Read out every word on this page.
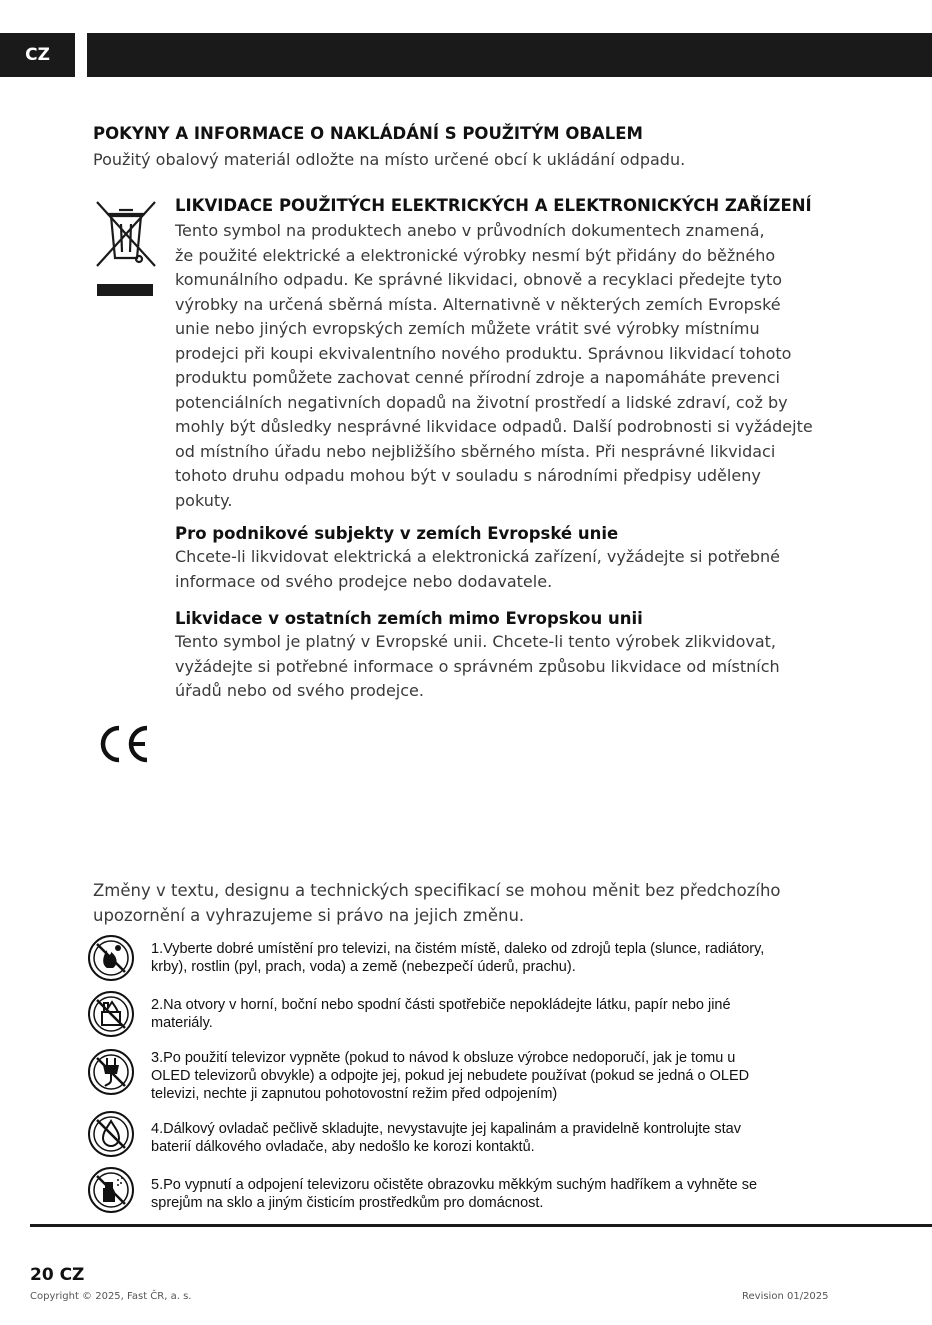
CZ
POKYNY A INFORMACE O NAKLÁDÁNÍ S POUŽITÝM OBALEM

Použitý obalový materiál odložte na místo určené obcí k ukládání odpadu.

LIKVIDACE POUŽITÝCH ELEKTRICKÝCH A ELEKTRONICKÝCH ZAŘÍZENÍ

Tento symbol na produktech anebo v průvodních dokumentech znamená,

že použité elektrické a elektronické výrobky nesmí být přidány do běžného

komunálního odpadu. Ke správné likvidaci, obnově a recyklaci předejte tyto

výrobky na určená sběrná místa. Alternativně v některých zemích Evropské

unie nebo jiných evropských zemích můžete vrátit své výrobky místnímu

prodejci při koupi ekvivalentního nového produktu. Správnou likvidací tohoto

produktu pomůžete zachovat cenné přírodní zdroje a napomáháte prevenci

potenciálních negativních dopadů na životní prostředí a lidské zdraví, což by

mohly být důsledky nesprávné likvidace odpadů. Další podrobnosti si vyžádejte

od místního úřadu nebo nejbližšího sběrného místa. Při nesprávné likvidaci

tohoto druhu odpadu mohou být v souladu s národními předpisy uděleny

pokuty.

Pro podnikové subjekty v zemích Evropské unie

Chcete-li likvidovat elektrická a elektronická zařízení, vyžádejte si potřebné

informace od svého prodejce nebo dodavatele.

Likvidace v ostatních zemích mimo Evropskou unii

Tento symbol je platný v Evropské unii. Chcete-li tento výrobek zlikvidovat,

vyžádejte si potřebné informace o správném způsobu likvidace od místních

úřadů nebo od svého prodejce.

Změny v textu, designu a technických specifikací se mohou měnit bez předchozího

upozornění a vyhrazujeme si právo na jejich změnu.

1.Vyberte dobré umístění pro televizi, na čistém místě, daleko od zdrojů tepla (slunce, radiátory,

krby), rostlin (pyl, prach, voda) a země (nebezpečí úderů, prachu).

2.Na otvory v horní, boční nebo spodní části spotřebiče nepokládejte látku, papír nebo jiné

materiály.

3.Po použití televizor vypněte (pokud to návod k obsluze výrobce nedoporučí, jak je tomu u

OLED televizorů obvykle) a odpojte jej, pokud jej nebudete používat (pokud se jedná o OLED

televizi, nechte ji zapnutou pohotovostní režim před odpojením)

4.Dálkový ovladač pečlivě skladujte, nevystavujte jej kapalinám a pravidelně kontrolujte stav

baterií dálkového ovladače, aby nedošlo ke korozi kontaktů.

5.Po vypnutí a odpojení televizoru očistěte obrazovku měkkým suchým hadříkem a vyhněte se

sprejům na sklo a jiným čisticím prostředkům pro domácnost.

20 CZ
Copyright © 2025, Fast ČR, a. s.	Revision 01/2025
